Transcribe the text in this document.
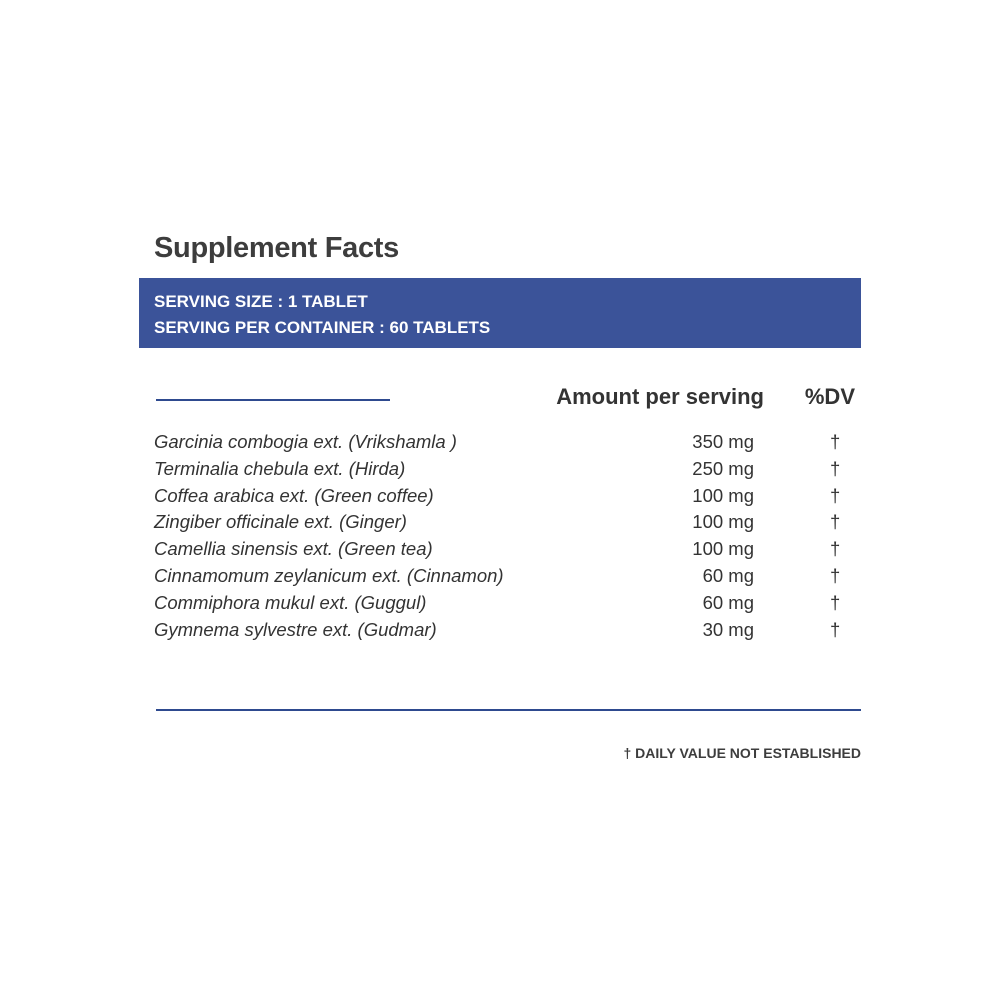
Supplement Facts
SERVING SIZE : 1 TABLET
SERVING PER CONTAINER : 60 TABLETS
Amount per serving %DV
Garcinia combogia ext. (Vrikshamla )	350 mg	†
Terminalia chebula ext. (Hirda)	250 mg	†
Coffea arabica ext. (Green coffee)	100 mg	†
Zingiber officinale ext. (Ginger)	100 mg	†
Camellia sinensis ext. (Green tea)	100 mg	†
Cinnamomum zeylanicum ext. (Cinnamon)	60 mg	†
Commiphora mukul ext. (Guggul)	60 mg	†
Gymnema sylvestre ext. (Gudmar)	30 mg	†
† DAILY VALUE NOT ESTABLISHED
